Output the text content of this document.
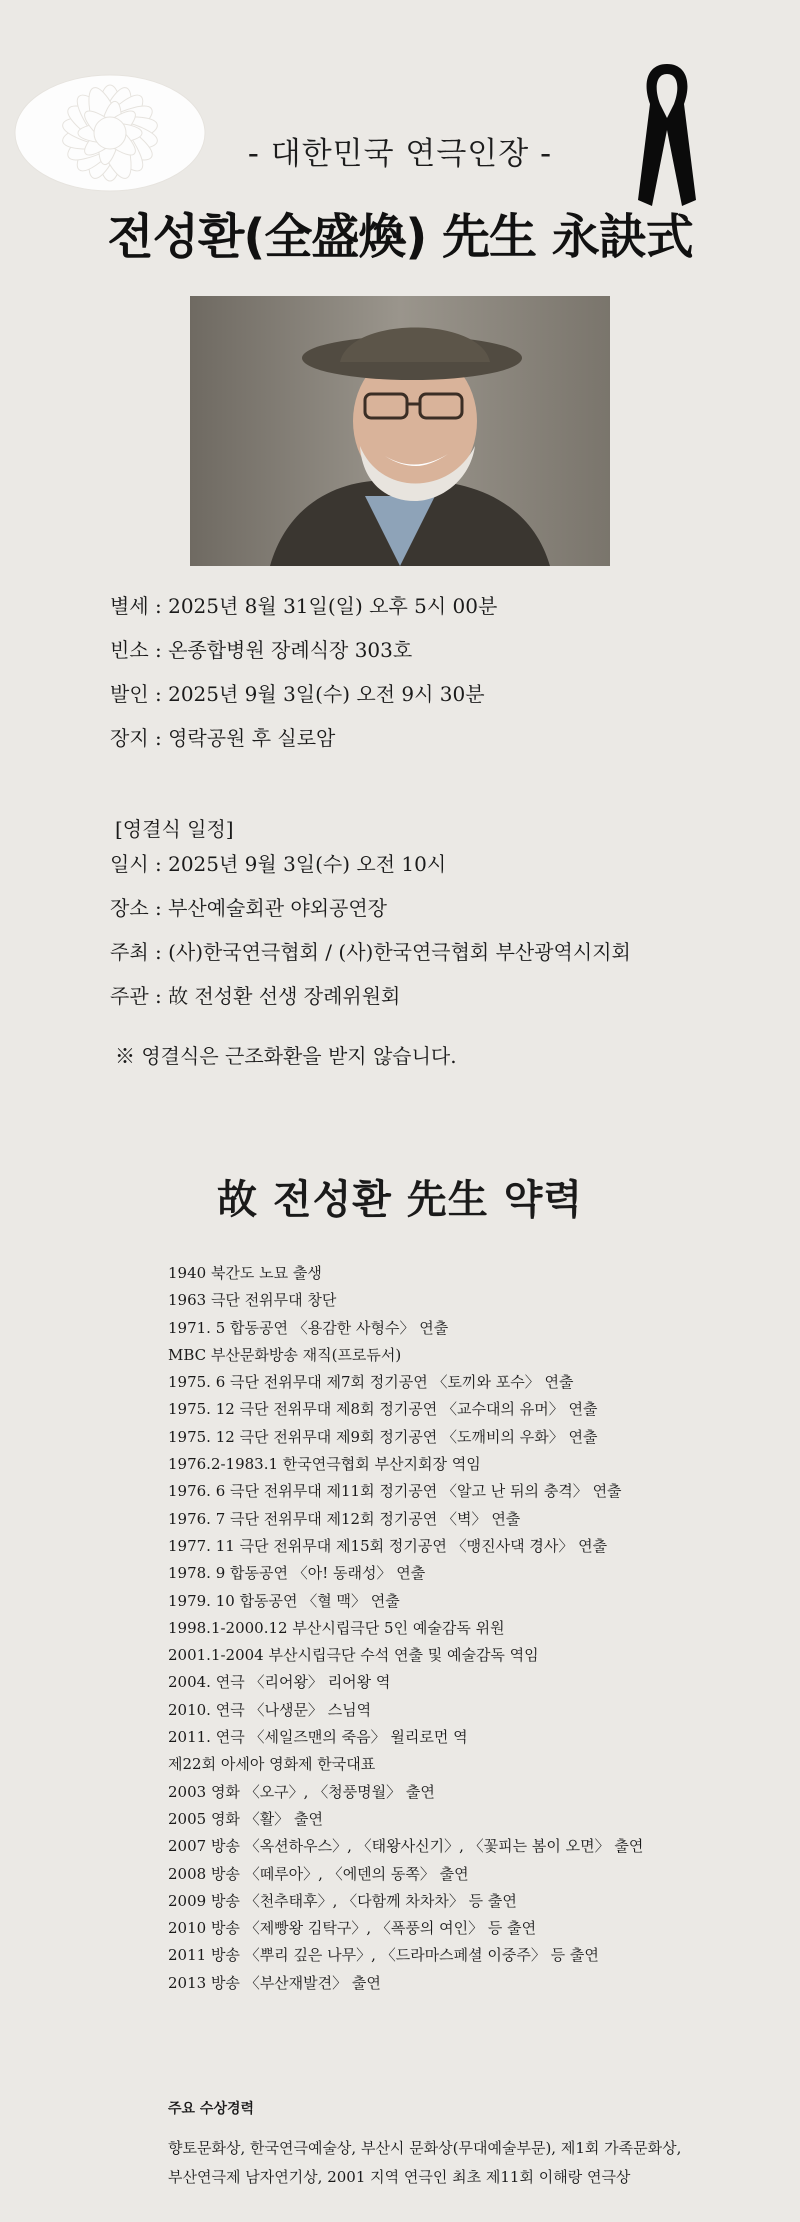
- 대한민국 연극인장 -
전성환(全盛煥) 先生 永訣式
별세 : 2025년 8월 31일(일) 오후 5시 00분
빈소 : 온종합병원 장례식장 303호
발인 : 2025년 9월 3일(수) 오전 9시 30분
장지 : 영락공원 후 실로암
[영결식 일정]
일시 : 2025년 9월 3일(수) 오전 10시
장소 : 부산예술회관 야외공연장
주최 : (사)한국연극협회 / (사)한국연극협회 부산광역시지회
주관 : 故 전성환 선생 장례위원회
※ 영결식은 근조화환을 받지 않습니다.
故 전성환 先生 약력
1940 북간도 노묘 출생
1963 극단 전위무대 창단
1971. 5 합동공연 〈용감한 사형수〉 연출
MBC 부산문화방송 재직(프로듀서)
1975. 6 극단 전위무대 제7회 정기공연 〈토끼와 포수〉 연출
1975. 12 극단 전위무대 제8회 정기공연 〈교수대의 유머〉 연출
1975. 12 극단 전위무대 제9회 정기공연 〈도깨비의 우화〉 연출
1976.2-1983.1 한국연극협회 부산지회장 역임
1976. 6 극단 전위무대 제11회 정기공연 〈알고 난 뒤의 충격〉 연출
1976. 7 극단 전위무대 제12회 정기공연 〈벽〉 연출
1977. 11 극단 전위무대 제15회 정기공연 〈맹진사댁 경사〉 연출
1978. 9 합동공연 〈아! 동래성〉 연출
1979. 10 합동공연 〈혈 맥〉 연출
1998.1-2000.12 부산시립극단 5인 예술감독 위원
2001.1-2004 부산시립극단 수석 연출 및 예술감독 역임
2004. 연극 〈리어왕〉 리어왕 역
2010. 연극 〈나생문〉 스님역
2011. 연극 〈세일즈맨의 죽음〉 윌리로먼 역
제22회 아세아 영화제 한국대표
2003 영화 〈오구〉, 〈청풍명월〉 출연
2005 영화 〈활〉 출연
2007 방송 〈옥션하우스〉, 〈태왕사신기〉, 〈꽃피는 봄이 오면〉 출연
2008 방송 〈떼루아〉, 〈에덴의 동쪽〉 출연
2009 방송 〈천추태후〉, 〈다함께 차차차〉 등 출연
2010 방송 〈제빵왕 김탁구〉, 〈폭풍의 여인〉 등 출연
2011 방송 〈뿌리 깊은 나무〉, 〈드라마스페셜 이중주〉 등 출연
2013 방송 〈부산재발견〉 출연
주요 수상경력
향토문화상, 한국연극예술상, 부산시 문화상(무대예술부문), 제1회 가족문화상,
부산연극제 남자연기상, 2001 지역 연극인 최초 제11회 이해랑 연극상
